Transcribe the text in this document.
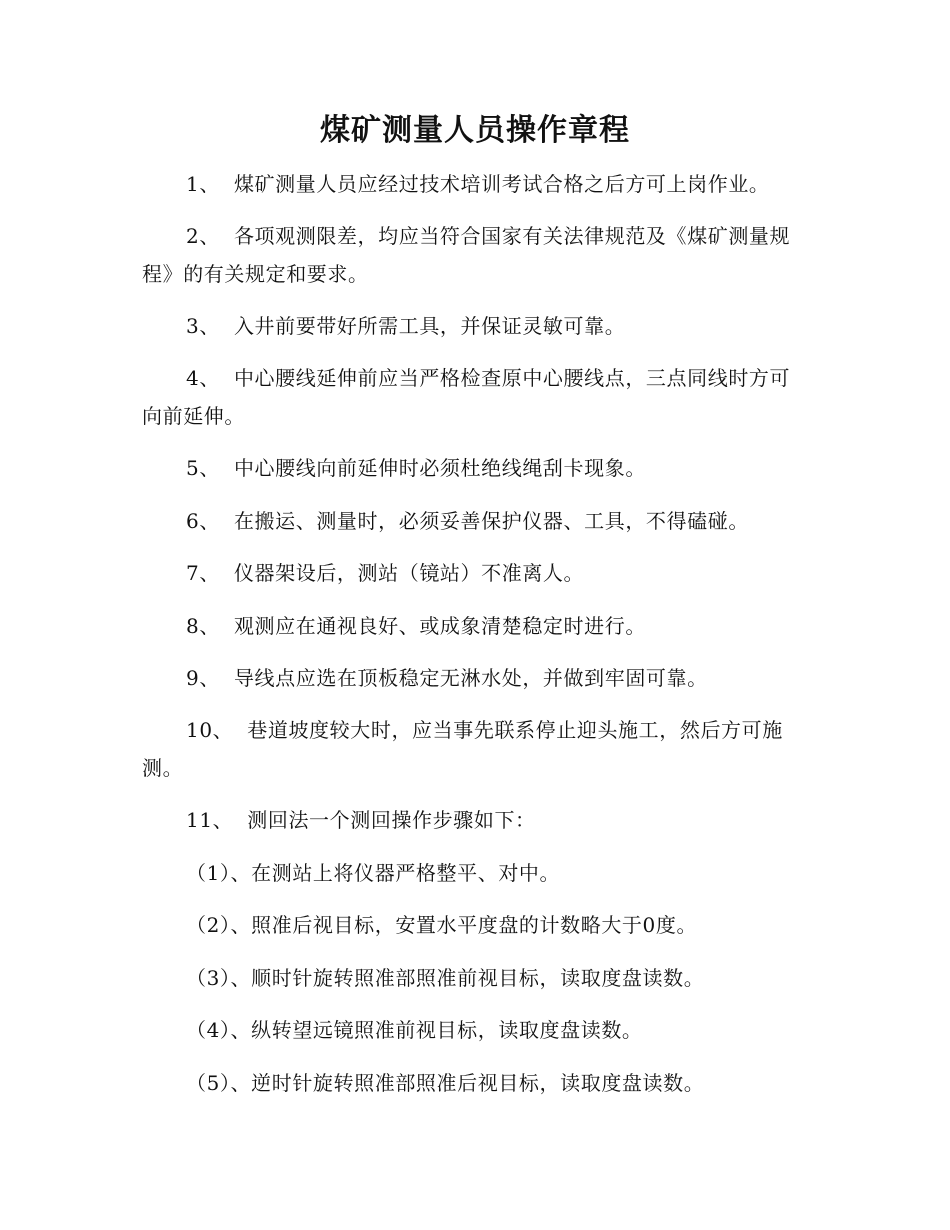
煤矿测量人员操作章程

1、 煤矿测量人员应经过技术培训考试合格之后方可上岗作业。

2、 各项观测限差，均应当符合国家有关法律规范及《煤矿测量规程》的有关规定和要求。

3、 入井前要带好所需工具，并保证灵敏可靠。

4、 中心腰线延伸前应当严格检查原中心腰线点，三点同线时方可向前延伸。

5、 中心腰线向前延伸时必须杜绝线绳刮卡现象。

6、 在搬运、测量时，必须妥善保护仪器、工具，不得磕碰。

7、 仪器架设后，测站（镜站）不准离人。

8、 观测应在通视良好、或成象清楚稳定时进行。

9、 导线点应选在顶板稳定无淋水处，并做到牢固可靠。

10、 巷道坡度较大时，应当事先联系停止迎头施工，然后方可施测。

11、 测回法一个测回操作步骤如下：

（1）、在测站上将仪器严格整平、对中。

（2）、照准后视目标，安置水平度盘的计数略大于0度。

（3）、顺时针旋转照准部照准前视目标，读取度盘读数。

（4）、纵转望远镜照准前视目标，读取度盘读数。

（5）、逆时针旋转照准部照准后视目标，读取度盘读数。
